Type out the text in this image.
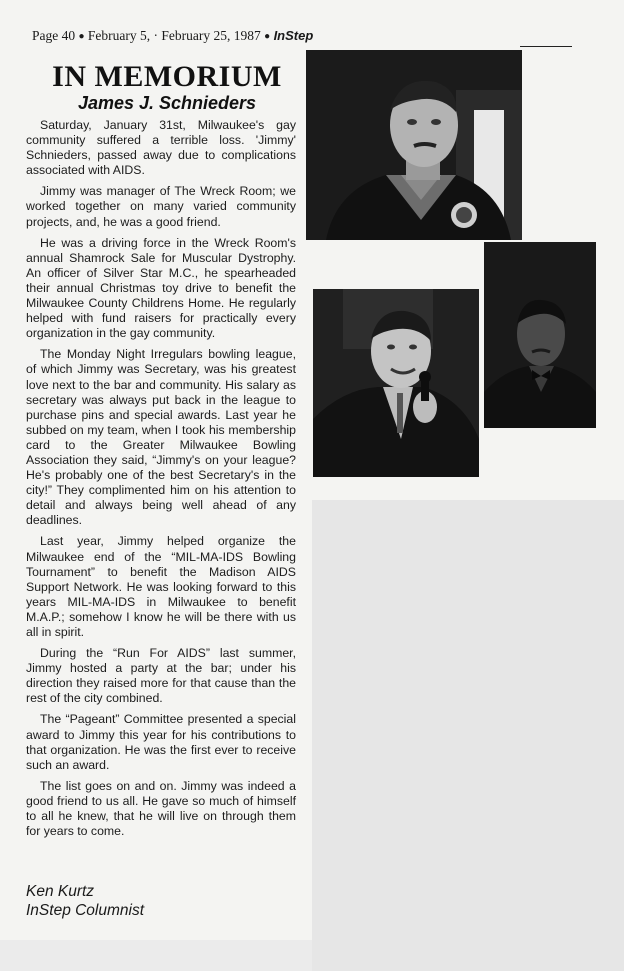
Page 40 ● February 5, · February 25, 1987 ● InStep
IN MEMORIUM
James J. Schnieders

Saturday, January 31st, Milwaukee's gay community suffered a terrible loss. 'Jimmy' Schnieders, passed away due to complications associated with AIDS.

Jimmy was manager of The Wreck Room; we worked together on many varied community projects, and, he was a good friend.

He was a driving force in the Wreck Room's annual Shamrock Sale for Muscular Dystrophy. An officer of Silver Star M.C., he spearheaded their annual Christmas toy drive to benefit the Milwaukee County Childrens Home. He regularly helped with fund raisers for practically every organization in the gay community.

The Monday Night Irregulars bowling league, of which Jimmy was Secretary, was his greatest love next to the bar and community. His salary as secretary was always put back in the league to purchase pins and special awards. Last year he subbed on my team, when I took his membership card to the Greater Milwaukee Bowling Association they said, “Jimmy's on your league? He's probably one of the best Secretary's in the city!” They complimented him on his attention to detail and always being well ahead of any deadlines.

Last year, Jimmy helped organize the Milwaukee end of the “MIL-MA-IDS Bowling Tournament” to benefit the Madison AIDS Support Network. He was looking forward to this years MIL-MA-IDS in Milwaukee to benefit M.A.P.; somehow I know he will be there with us all in spirit.

During the “Run For AIDS” last summer, Jimmy hosted a party at the bar; under his direction they raised more for that cause than the rest of the city combined.

The “Pageant” Committee presented a special award to Jimmy this year for his contributions to that organization. He was the first ever to receive such an award.

The list goes on and on. Jimmy was indeed a good friend to us all. He gave so much of himself to all he knew, that he will live on through them for years to come.

Ken Kurtz
InStep Columnist
